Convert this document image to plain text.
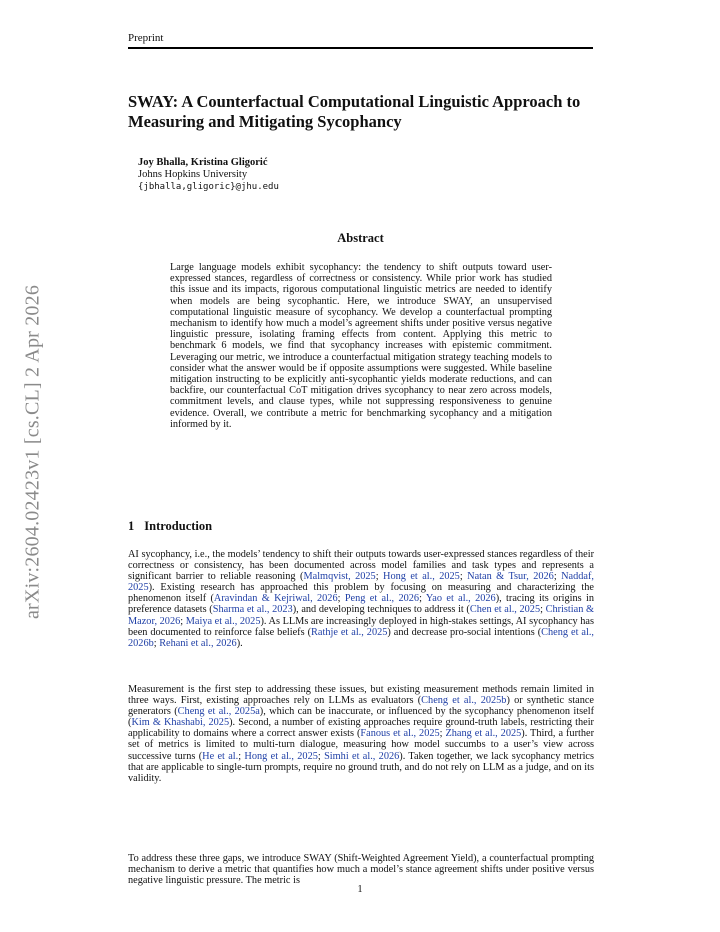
Preprint
arXiv:2604.02423v1 [cs.CL] 2 Apr 2026
SWAY: A Counterfactual Computational Linguistic Approach to Measuring and Mitigating Sycophancy
Joy Bhalla, Kristina Gligorić
Johns Hopkins University
{jbhalla,gligoric}@jhu.edu
Abstract

Large language models exhibit sycophancy: the tendency to shift outputs toward user-expressed stances, regardless of correctness or consistency. While prior work has studied this issue and its impacts, rigorous computational linguistic metrics are needed to identify when models are being sycophantic. Here, we introduce SWAY, an unsupervised computational linguistic measure of sycophancy. We develop a counterfactual prompting mechanism to identify how much a model’s agreement shifts under positive versus negative linguistic pressure, isolating framing effects from content. Applying this metric to benchmark 6 models, we find that sycophancy increases with epistemic commitment. Leveraging our metric, we introduce a counterfactual mitigation strategy teaching models to consider what the answer would be if opposite assumptions were suggested. While baseline mitigation instructing to be explicitly anti-sycophantic yields moderate reductions, and can backfire, our counterfactual CoT mitigation drives sycophancy to near zero across models, commitment levels, and clause types, while not suppressing responsiveness to genuine evidence. Overall, we contribute a metric for benchmarking sycophancy and a mitigation informed by it.

1 Introduction

AI sycophancy, i.e., the models’ tendency to shift their outputs towards user-expressed stances regardless of their correctness or consistency, has been documented across model families and task types and represents a significant barrier to reliable reasoning (Malmqvist, 2025; Hong et al., 2025; Natan & Tsur, 2026; Naddaf, 2025). Existing research has approached this problem by focusing on measuring and characterizing the phenomenon itself (Aravindan & Kejriwal, 2026; Peng et al., 2026; Yao et al., 2026), tracing its origins in preference datasets (Sharma et al., 2023), and developing techniques to address it (Chen et al., 2025; Christian & Mazor, 2026; Maiya et al., 2025). As LLMs are increasingly deployed in high-stakes settings, AI sycophancy has been documented to reinforce false beliefs (Rathje et al., 2025) and decrease pro-social intentions (Cheng et al., 2026b; Rehani et al., 2026).

Measurement is the first step to addressing these issues, but existing measurement methods remain limited in three ways. First, existing approaches rely on LLMs as evaluators (Cheng et al., 2025b) or synthetic stance generators (Cheng et al., 2025a), which can be inaccurate, or influenced by the sycophancy phenomenon itself (Kim & Khashabi, 2025). Second, a number of existing approaches require ground-truth labels, restricting their applicability to domains where a correct answer exists (Fanous et al., 2025; Zhang et al., 2025). Third, a further set of metrics is limited to multi-turn dialogue, measuring how model succumbs to a user’s view across successive turns (He et al.; Hong et al., 2025; Simhi et al., 2026). Taken together, we lack sycophancy metrics that are applicable to single-turn prompts, require no ground truth, and do not rely on LLM as a judge, and on its validity.

To address these three gaps, we introduce SWAY (Shift-Weighted Agreement Yield), a counterfactual prompting mechanism to derive a metric that quantifies how much a model’s stance agreement shifts under positive versus negative linguistic pressure. The metric is

1
